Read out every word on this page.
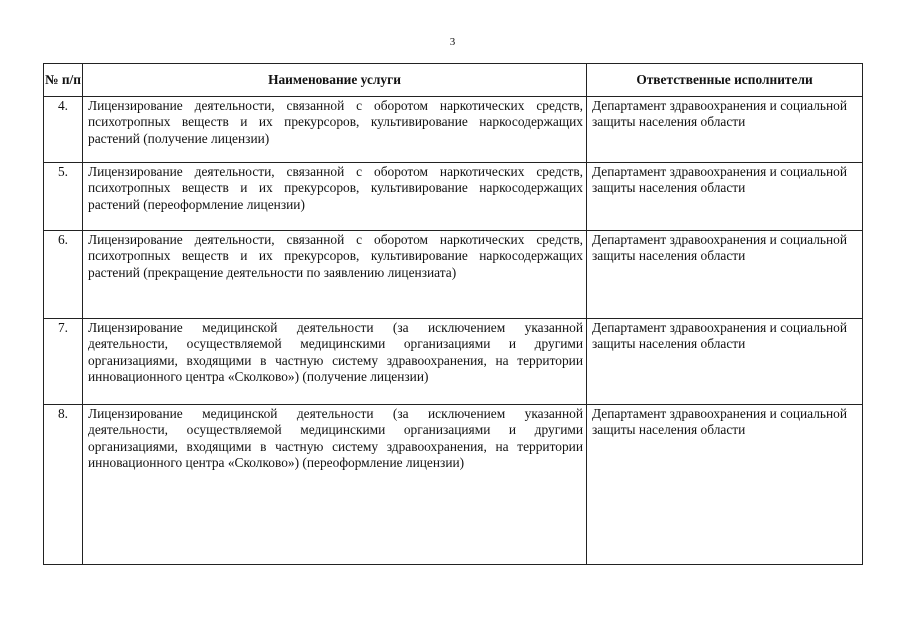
3
№ п/п	Наименование услуги	Ответственные исполнители
4.	Лицензирование деятельности, связанной с оборотом наркотических средств, психотропных веществ и их прекурсоров, культивирование наркосодержащих растений (получение лицензии)	Департамент здравоохранения и социальной защиты населения области
5.	Лицензирование деятельности, связанной с оборотом наркотических средств, психотропных веществ и их прекурсоров, культивирование наркосодержащих растений (переоформление лицензии)	Департамент здравоохранения и социальной защиты населения области
6.	Лицензирование деятельности, связанной с оборотом наркотических средств, психотропных веществ и их прекурсоров, культивирование наркосодержащих растений (прекращение деятельности по заявлению лицензиата)	Департамент здравоохранения и социальной защиты населения области
7.	Лицензирование медицинской деятельности (за исключением указанной деятельности, осуществляемой медицинскими организациями и другими организациями, входящими в частную систему здравоохранения, на территории инновационного центра «Сколково») (получение лицензии)	Департамент здравоохранения и социальной защиты населения области
8.	Лицензирование медицинской деятельности (за исключением указанной деятельности, осуществляемой медицинскими организациями и другими организациями, входящими в частную систему здравоохранения, на территории инновационного центра «Сколково») (переоформление лицензии)	Департамент здравоохранения и социальной защиты населения области
